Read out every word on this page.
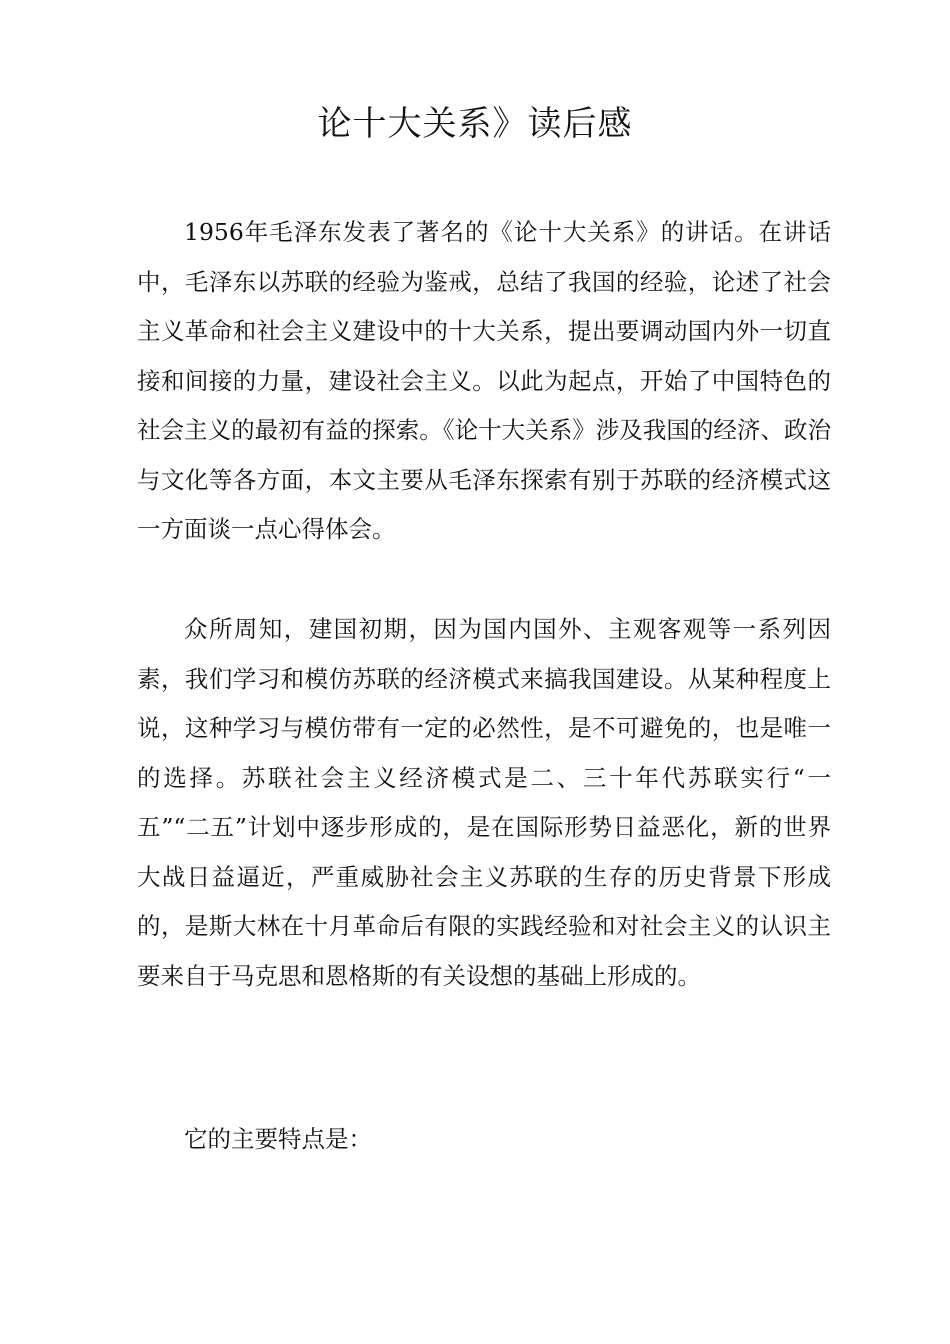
论十大关系》读后感

1956年毛泽东发表了著名的《论十大关系》的讲话。在讲话中，毛泽东以苏联的经验为鉴戒，总结了我国的经验，论述了社会主义革命和社会主义建设中的十大关系，提出要调动国内外一切直接和间接的力量，建设社会主义。以此为起点，开始了中国特色的社会主义的最初有益的探索。《论十大关系》涉及我国的经济、政治与文化等各方面，本文主要从毛泽东探索有别于苏联的经济模式这一方面谈一点心得体会。

众所周知，建国初期，因为国内国外、主观客观等一系列因素，我们学习和模仿苏联的经济模式来搞我国建设。从某种程度上说，这种学习与模仿带有一定的必然性，是不可避免的，也是唯一的选择。苏联社会主义经济模式是二、三十年代苏联实行“一五”“二五”计划中逐步形成的，是在国际形势日益恶化，新的世界大战日益逼近，严重威胁社会主义苏联的生存的历史背景下形成的，是斯大林在十月革命后有限的实践经验和对社会主义的认识主要来自于马克思和恩格斯的有关设想的基础上形成的。

它的主要特点是：
